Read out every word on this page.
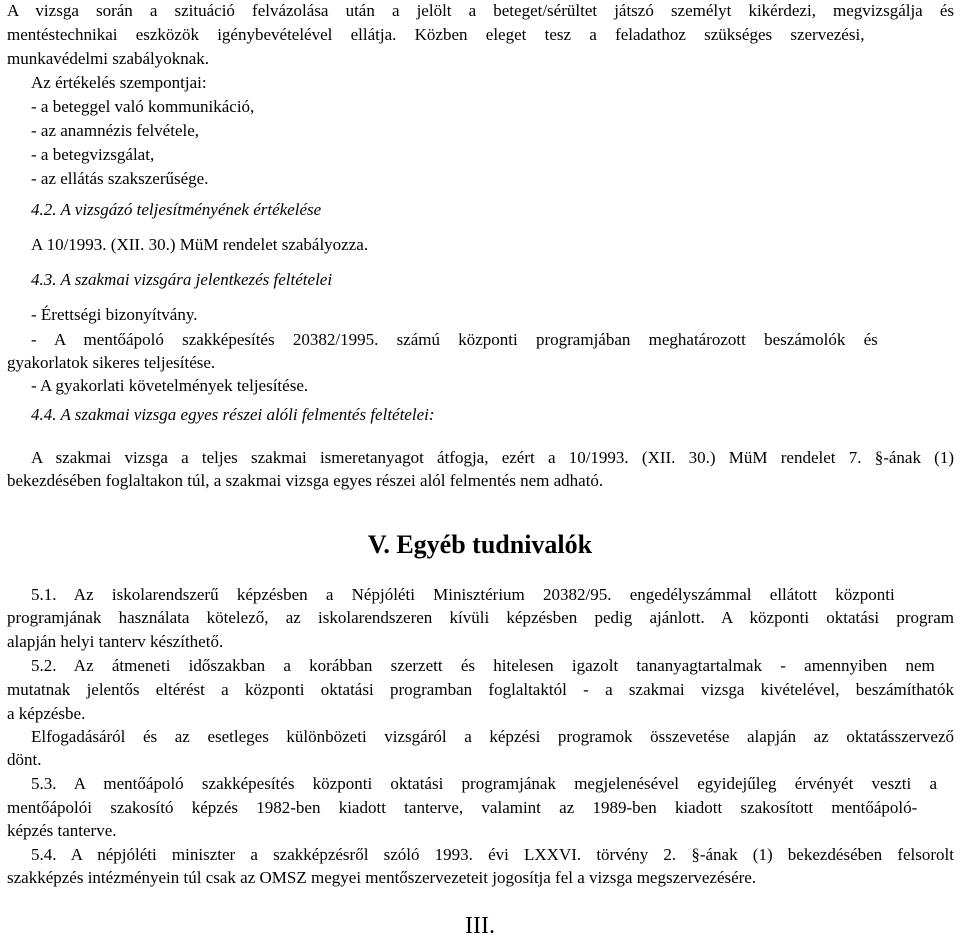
A vizsga során a szituáció felvázolása után a jelölt a beteget/sérültet játszó személyt kikérdezi, megvizsgálja és
mentéstechnikai eszközök igénybevételével ellátja. Közben eleget tesz a feladathoz szükséges szervezési,
munkavédelmi szabályoknak.
Az értékelés szempontjai:
- a beteggel való kommunikáció,
- az anamnézis felvétele,
- a betegvizsgálat,
- az ellátás szakszerűsége.
4.2. A vizsgázó teljesítményének értékelése
A 10/1993. (XII. 30.) MüM rendelet szabályozza.
4.3. A szakmai vizsgára jelentkezés feltételei
- Érettségi bizonyítvány.
- A mentőápoló szakképesítés 20382/1995. számú központi programjában meghatározott beszámolók és
gyakorlatok sikeres teljesítése.
- A gyakorlati követelmények teljesítése.
4.4. A szakmai vizsga egyes részei alóli felmentés feltételei:
A szakmai vizsga a teljes szakmai ismeretanyagot átfogja, ezért a 10/1993. (XII. 30.) MüM rendelet 7. §-ának (1)
bekezdésében foglaltakon túl, a szakmai vizsga egyes részei alól felmentés nem adható.
V. Egyéb tudnivalók
5.1. Az iskolarendszerű képzésben a Népjóléti Minisztérium 20382/95. engedélyszámmal ellátott központi
programjának használata kötelező, az iskolarendszeren kívüli képzésben pedig ajánlott. A központi oktatási program
alapján helyi tanterv készíthető.
5.2. Az átmeneti időszakban a korábban szerzett és hitelesen igazolt tananyagtartalmak - amennyiben nem
mutatnak jelentős eltérést a központi oktatási programban foglaltaktól - a szakmai vizsga kivételével, beszámíthatók
a képzésbe.
Elfogadásáról és az esetleges különbözeti vizsgáról a képzési programok összevetése alapján az oktatásszervező
dönt.
5.3. A mentőápoló szakképesítés központi oktatási programjának megjelenésével egyidejűleg érvényét veszti a
mentőápolói szakosító képzés 1982-ben kiadott tanterve, valamint az 1989-ben kiadott szakosított mentőápoló-
képzés tanterve.
5.4. A népjóléti miniszter a szakképzésről szóló 1993. évi LXXVI. törvény 2. §-ának (1) bekezdésében felsorolt
szakképzés intézményein túl csak az OMSZ megyei mentőszervezeteit jogosítja fel a vizsga megszervezésére.
III.
